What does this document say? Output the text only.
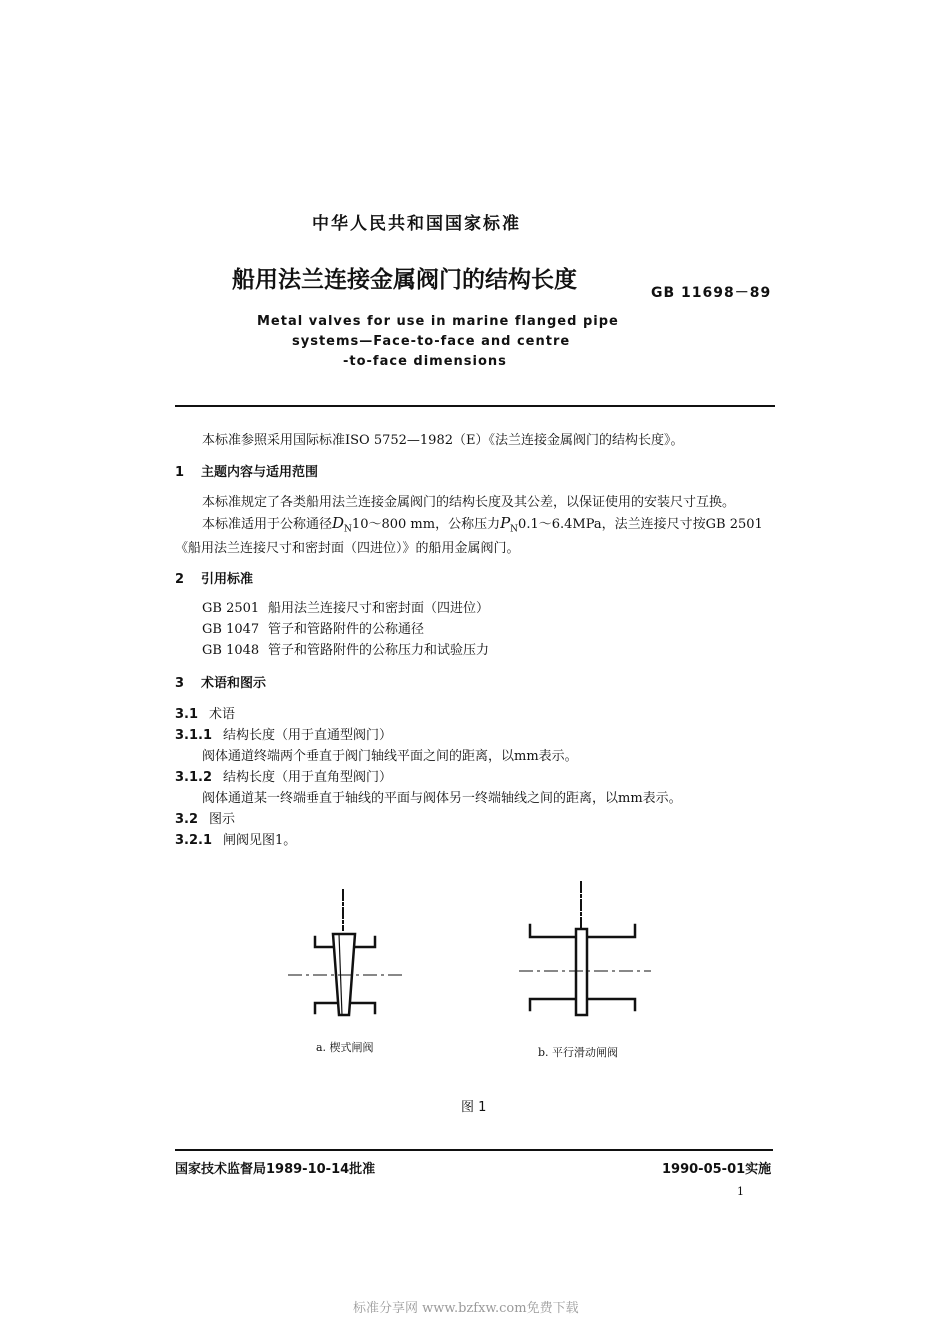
中华人民共和国国家标准
船用法兰连接金属阀门的结构长度	GB 11698－89
Metal valves for use in marine flanged pipe
systems—Face-to-face and centre
-to-face dimensions
本标准参照采用国际标准ISO 5752—1982（E）《法兰连接金属阀门的结构长度》。
1 主题内容与适用范围
本标准规定了各类船用法兰连接金属阀门的结构长度及其公差，以保证使用的安装尺寸互换。
本标准适用于公称通径$D_N10\sim 800$ mm，公称压力$P_N0.1\sim 6.4MPa$，法兰连接尺寸按GB 2501
《船用法兰连接尺寸和密封面（四进位）》的船用金属阀门。
2 引用标准
GB 2501 船用法兰连接尺寸和密封面（四进位）
GB 1047 管子和管路附件的公称通径
GB 1048 管子和管路附件的公称压力和试验压力
3 术语和图示
3.1 术语
3.1.1 结构长度（用于直通型阀门）
阀体通道终端两个垂直于阀门轴线平面之间的距离，以mm表示。
3.1.2 结构长度（用于直角型阀门）
阀体通道某一终端垂直于轴线的平面与阀体另一终端轴线之间的距离，以mm表示。
3.2 图示
3.2.1 闸阀见图1。
a. 楔式闸阀	b. 平行滑动闸阀
图 1
国家技术监督局1989-10-14批准	1990-05-01实施
1
标准分享网 www.bzfxw.com免费下载
